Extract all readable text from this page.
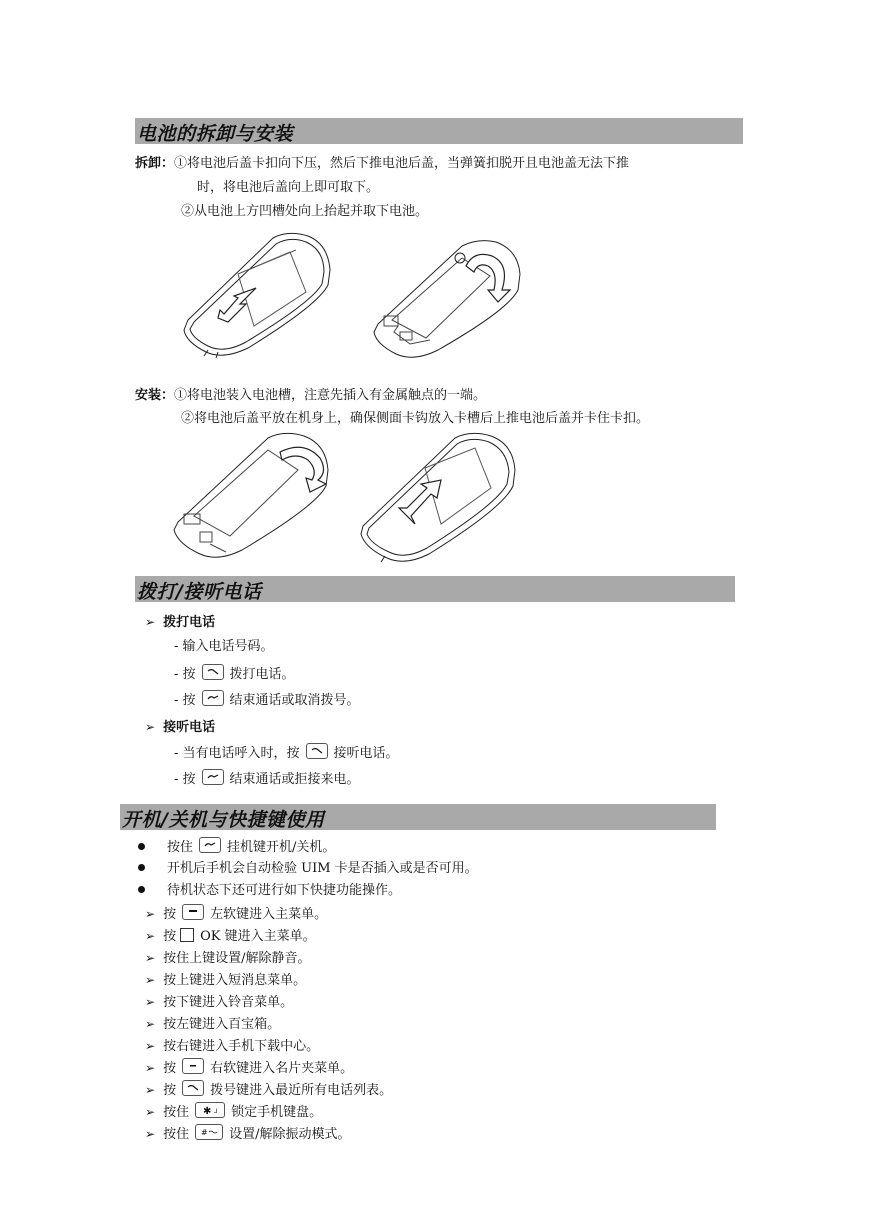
电池的拆卸与安装
拆卸：①将电池后盖卡扣向下压，然后下推电池后盖，当弹簧扣脱开且电池盖无法下推
时，将电池后盖向上即可取下。
②从电池上方凹槽处向上抬起并取下电池。
安装：①将电池装入电池槽，注意先插入有金属触点的一端。
②将电池后盖平放在机身上，确保侧面卡钩放入卡槽后上推电池后盖并卡住卡扣。
拨打/接听电话
➢ 拨打电话
- 输入电话号码。
- 按	拨打电话。
- 按	结束通话或取消拨号。
➢ 接听电话
- 当有电话呼入时，按	接听电话。
- 按	结束通话或拒接来电。
开机/关机与快捷键使用
按住	挂机键开机/关机。
开机后手机会自动检验 UIM 卡是否插入或是否可用。
待机状态下还可进行如下快捷功能操作。
➢ 按	左软键进入主菜单。
➢ 按 OK 键进入主菜单。
➢ 按住上键设置/解除静音。
➢ 按上键进入短消息菜单。
➢ 按下键进入铃音菜单。
➢ 按左键进入百宝箱。
➢ 按右键进入手机下载中心。
➢ 按	右软键进入名片夹菜单。
➢ 按	拨号键进入最近所有电话列表。
➢ 按住 ✱ ⅃ 锁定手机键盘。
➢ 按住 # 设置/解除振动模式。
